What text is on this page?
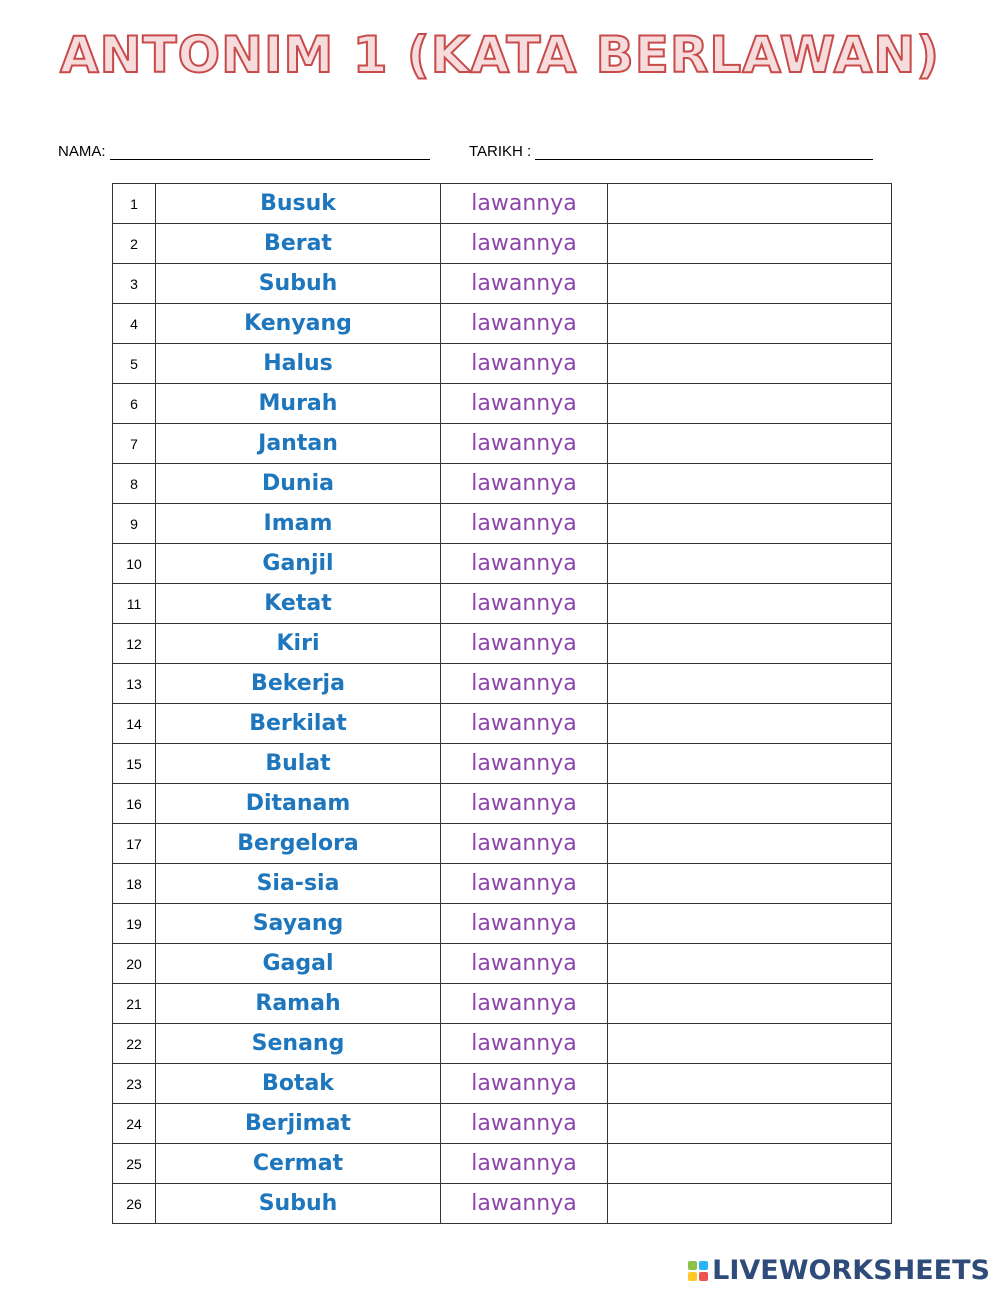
ANTONIM 1 (KATA BERLAWAN)
NAMA:	TARIKH :
1	Busuk	lawannya	
2	Berat	lawannya	
3	Subuh	lawannya	
4	Kenyang	lawannya	
5	Halus	lawannya	
6	Murah	lawannya	
7	Jantan	lawannya	
8	Dunia	lawannya	
9	Imam	lawannya	
10	Ganjil	lawannya	
11	Ketat	lawannya	
12	Kiri	lawannya	
13	Bekerja	lawannya	
14	Berkilat	lawannya	
15	Bulat	lawannya	
16	Ditanam	lawannya	
17	Bergelora	lawannya	
18	Sia-sia	lawannya	
19	Sayang	lawannya	
20	Gagal	lawannya	
21	Ramah	lawannya	
22	Senang	lawannya	
23	Botak	lawannya	
24	Berjimat	lawannya	
25	Cermat	lawannya	
26	Subuh	lawannya	
LIVEWORKSHEETS
